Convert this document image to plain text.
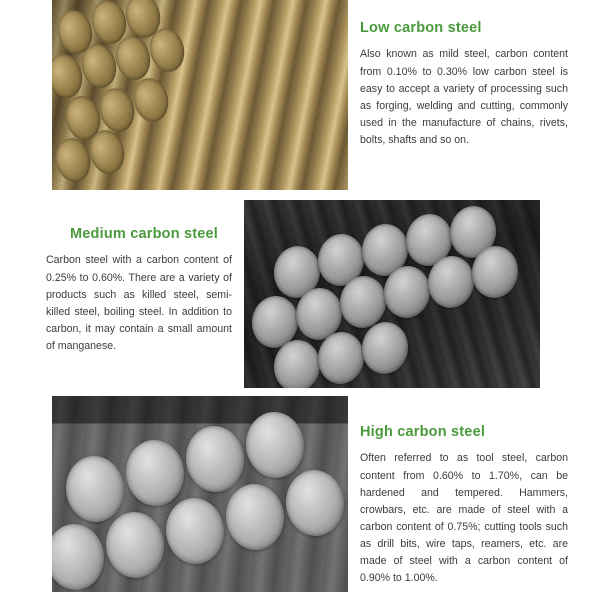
Low carbon steel

Also known as mild steel, carbon content from 0.10% to 0.30% low carbon steel is easy to accept a variety of processing such as forging, welding and cutting, commonly used in the manufacture of chains, rivets, bolts, shafts and so on.

Medium carbon steel

Carbon steel with a carbon content of 0.25% to 0.60%. There are a variety of products such as killed steel, semi-killed steel, boiling steel. In addition to carbon, it may contain a small amount of manganese.

High carbon steel

Often referred to as tool steel, carbon content from 0.60% to 1.70%, can be hardened and tempered. Hammers, crowbars, etc. are made of steel with a carbon content of 0.75%; cutting tools such as drill bits, wire taps, reamers, etc. are made of steel with a carbon content of 0.90% to 1.00%.
